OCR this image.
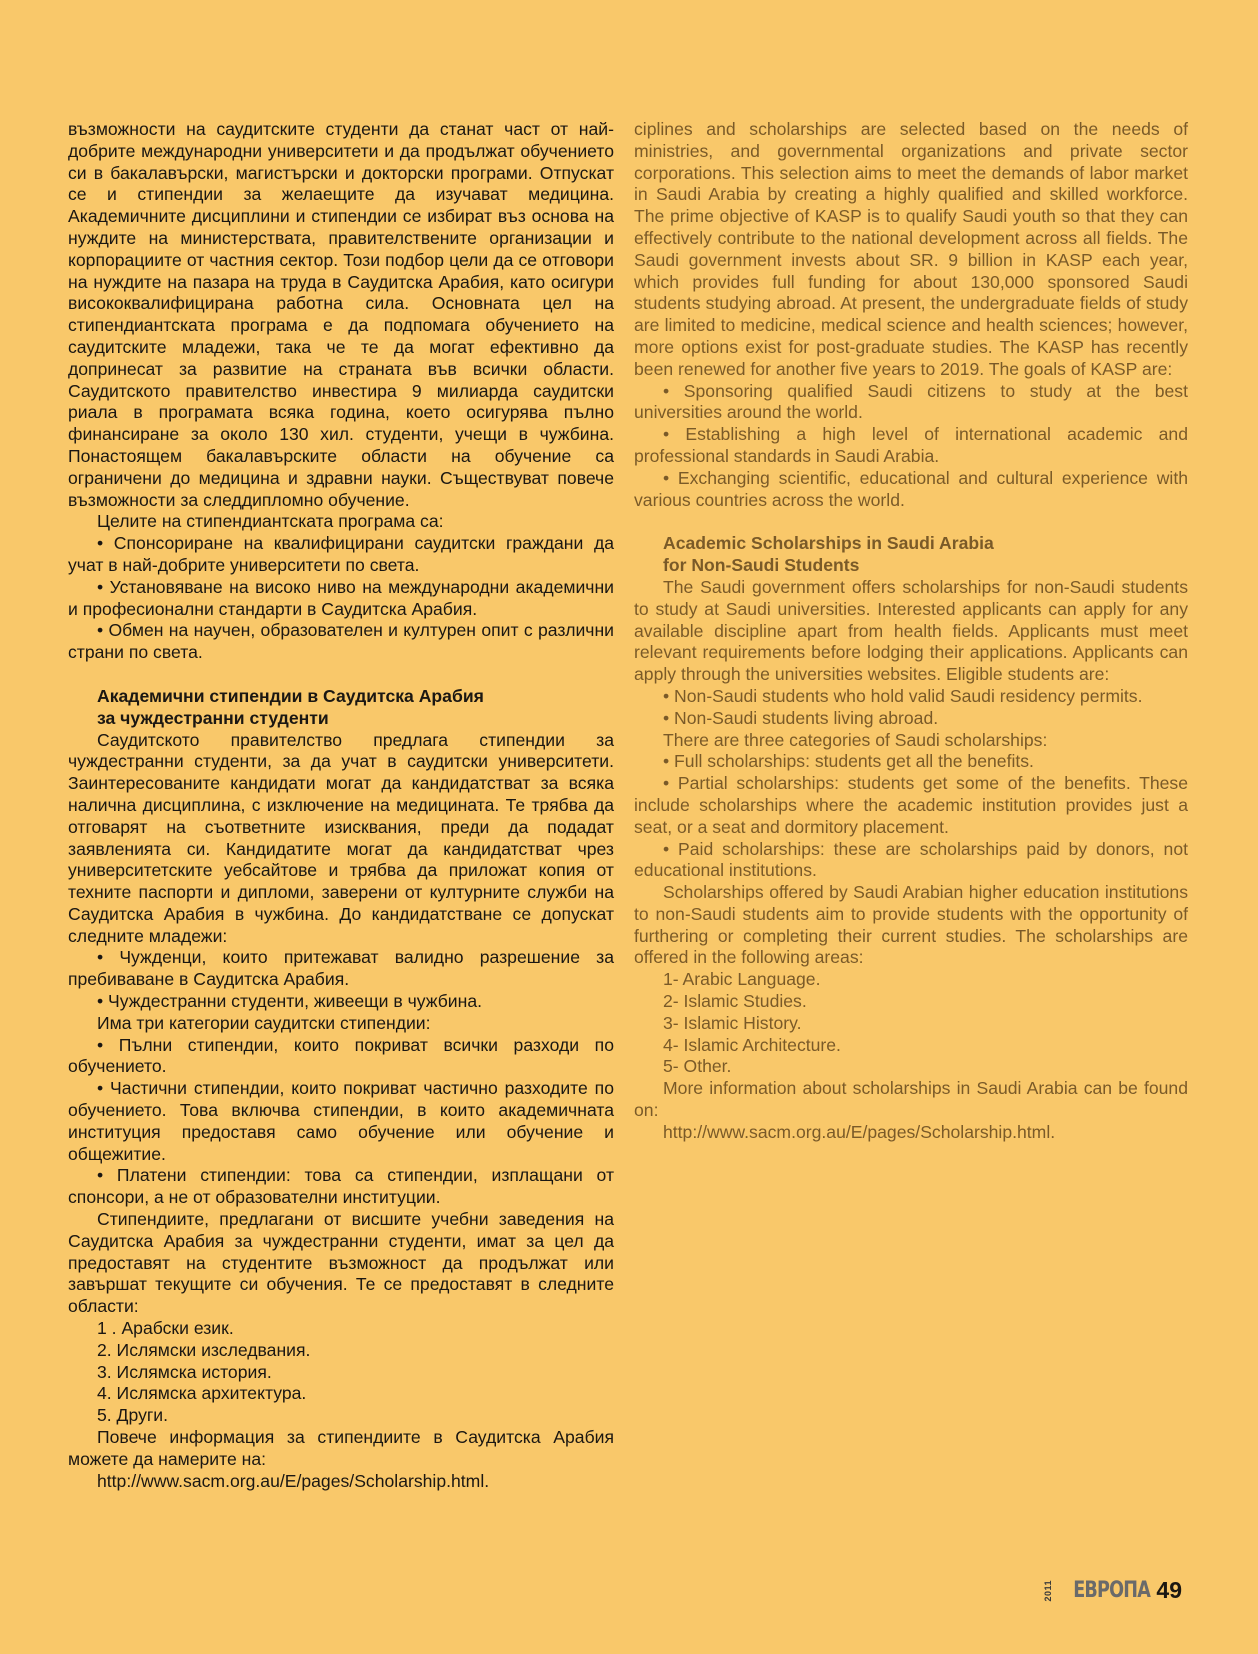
възможности на саудитските студенти да станат част от най-добрите международни университети и да продължат обучението си в бакалавърски, магистърски и докторски програми. Отпускат се и стипендии за желаещите да изучават медицина. Академичните дисциплини и стипендии се избират въз основа на нуждите на министерствата, правителствените организации и корпорациите от частния сектор. Този подбор цели да се отговори на нуждите на пазара на труда в Саудитска Арабия, като осигури висококвалифицирана работна сила. Основната цел на стипендиантската програма е да подпомага обучението на саудитските младежи, така че те да могат ефективно да допринесат за развитие на страната във всички области. Саудитското правителство инвестира 9 милиарда саудитски риала в програмата всяка година, което осигурява пълно финансиране за около 130 хил. студенти, учещи в чужбина. Понастоящем бакалавърските области на обучение са ограничени до медицина и здравни науки. Съществуват повече възможности за следдипломно обучение.

Целите на стипендиантската програма са:

• Спонсориране на квалифицирани саудитски граждани да учат в най-добрите университети по света.

• Установяване на високо ниво на международни академични и професионални стандарти в Саудитска Арабия.

• Обмен на научен, образователен и културен опит с различни страни по света.

Академични стипендии в Саудитска Арабия

за чуждестранни студенти

Саудитското правителство предлага стипендии за чуждестранни студенти, за да учат в саудитски университети. Заинтересованите кандидати могат да кандидатстват за всяка налична дисциплина, с изключение на медицината. Те трябва да отговарят на съответните изисквания, преди да подадат заявленията си. Кандидатите могат да кандидатстват чрез университетските уебсайтове и трябва да приложат копия от техните паспорти и дипломи, заверени от културните служби на Саудитска Арабия в чужбина. До кандидатстване се допускат следните младежи:

• Чужденци, които притежават валидно разрешение за пребиваване в Саудитска Арабия.

• Чуждестранни студенти, живеещи в чужбина.

Има три категории саудитски стипендии:

• Пълни стипендии, които покриват всички разходи по обучението.

• Частични стипендии, които покриват частично разходите по обучението. Това включва стипендии, в които академичната институция предоставя само обучение или обучение и общежитие.

• Платени стипендии: това са стипендии, изплащани от спонсори, а не от образователни институции.

Стипендиите, предлагани от висшите учебни заведения на Саудитска Арабия за чуждестранни студенти, имат за цел да предоставят на студентите възможност да продължат или завършат текущите си обучения. Те се предоставят в следните области:

1 . Арабски език.

2. Ислямски изследвания.

3. Ислямска история.

4. Ислямска архитектура.

5. Други.

Повече информация за стипендиите в Саудитска Арабия можете да намерите на:

http://www.sacm.org.au/E/pages/Scholarship.html.

ciplines and scholarships are selected based on the needs of ministries, and governmental organizations and private sector corporations. This selection aims to meet the demands of labor market in Saudi Arabia by creating a highly qualified and skilled workforce. The prime objective of KASP is to qualify Saudi youth so that they can effectively contribute to the national development across all fields. The Saudi government invests about SR. 9 billion in KASP each year, which provides full funding for about 130,000 sponsored Saudi students studying abroad. At present, the undergraduate fields of study are limited to medicine, medical science and health sciences; however, more options exist for post-graduate studies. The KASP has recently been renewed for another five years to 2019. The goals of KASP are:

• Sponsoring qualified Saudi citizens to study at the best universities around the world.

• Establishing a high level of international academic and professional standards in Saudi Arabia.

• Exchanging scientific, educational and cultural experience with various countries across the world.

Academic Scholarships in Saudi Arabia

for Non-Saudi Students

The Saudi government offers scholarships for non-Saudi students to study at Saudi universities. Interested applicants can apply for any available discipline apart from health fields. Applicants must meet relevant requirements before lodging their applications. Applicants can apply through the universities websites. Eligible students are:

• Non-Saudi students who hold valid Saudi residency permits.

• Non-Saudi students living abroad.

There are three categories of Saudi scholarships:

• Full scholarships: students get all the benefits.

• Partial scholarships: students get some of the benefits. These include scholarships where the academic institution provides just a seat, or a seat and dormitory placement.

• Paid scholarships: these are scholarships paid by donors, not educational institutions.

Scholarships offered by Saudi Arabian higher education institutions to non-Saudi students aim to provide students with the opportunity of furthering or completing their current studies. The scholarships are offered in the following areas:

1- Arabic Language.

2- Islamic Studies.

3- Islamic History.

4- Islamic Architecture.

5- Other.

More information about scholarships in Saudi Arabia can be found on:

http://www.sacm.org.au/E/pages/Scholarship.html.

2011 ЕВРОПА 49
